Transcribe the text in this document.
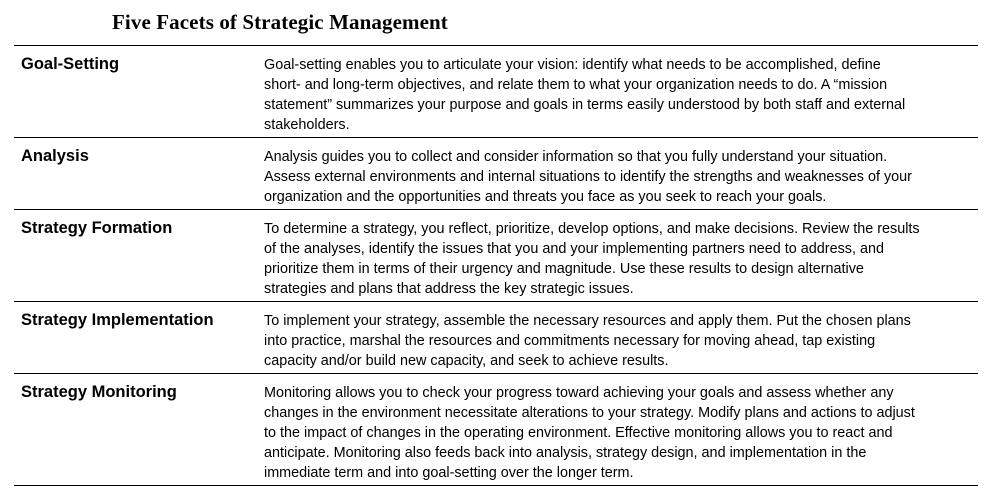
Five Facets of Strategic Management
Goal-Setting	Goal-setting enables you to articulate your vision: identify what needs to be accomplished, define
short- and long-term objectives, and relate them to what your organization needs to do. A “mission
statement” summarizes your purpose and goals in terms easily understood by both staff and external
stakeholders.
Analysis	Analysis guides you to collect and consider information so that you fully understand your situation.
Assess external environments and internal situations to identify the strengths and weaknesses of your
organization and the opportunities and threats you face as you seek to reach your goals.
Strategy Formation	To determine a strategy, you reflect, prioritize, develop options, and make decisions. Review the results
of the analyses, identify the issues that you and your implementing partners need to address, and
prioritize them in terms of their urgency and magnitude. Use these results to design alternative
strategies and plans that address the key strategic issues.
Strategy Implementation	To implement your strategy, assemble the necessary resources and apply them. Put the chosen plans
into practice, marshal the resources and commitments necessary for moving ahead, tap existing
capacity and/or build new capacity, and seek to achieve results.
Strategy Monitoring	Monitoring allows you to check your progress toward achieving your goals and assess whether any
changes in the environment necessitate alterations to your strategy. Modify plans and actions to adjust
to the impact of changes in the operating environment. Effective monitoring allows you to react and
anticipate. Monitoring also feeds back into analysis, strategy design, and implementation in the
immediate term and into goal-setting over the longer term.
